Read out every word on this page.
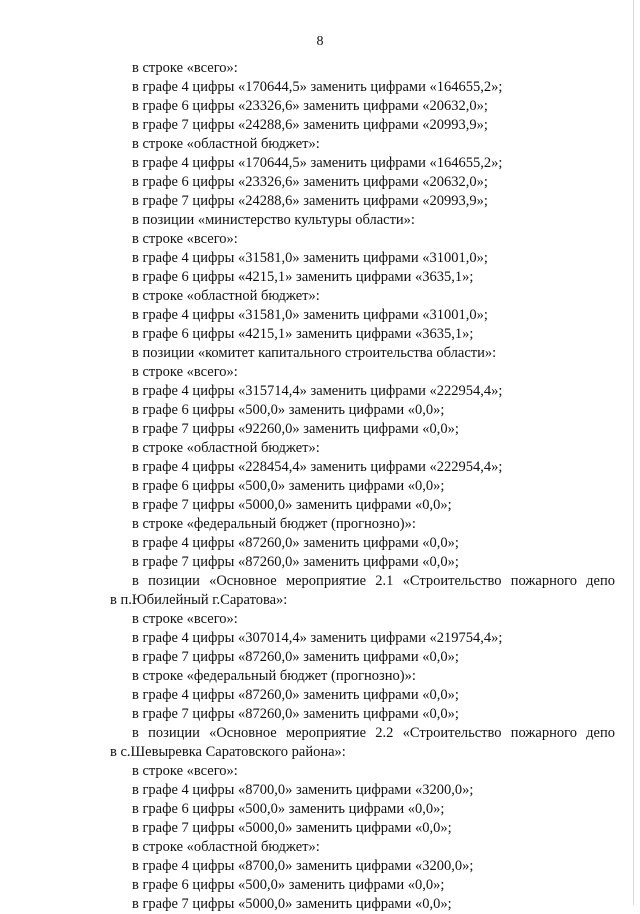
8
в строке «всего»:
в графе 4 цифры «170644,5» заменить цифрами «164655,2»;
в графе 6 цифры «23326,6» заменить цифрами «20632,0»;
в графе 7 цифры «24288,6» заменить цифрами «20993,9»;
в строке «областной бюджет»:
в графе 4 цифры «170644,5» заменить цифрами «164655,2»;
в графе 6 цифры «23326,6» заменить цифрами «20632,0»;
в графе 7 цифры «24288,6» заменить цифрами «20993,9»;
в позиции «министерство культуры области»:
в строке «всего»:
в графе 4 цифры «31581,0» заменить цифрами «31001,0»;
в графе 6 цифры «4215,1» заменить цифрами «3635,1»;
в строке «областной бюджет»:
в графе 4 цифры «31581,0» заменить цифрами «31001,0»;
в графе 6 цифры «4215,1» заменить цифрами «3635,1»;
в позиции «комитет капитального строительства области»:
в строке «всего»:
в графе 4 цифры «315714,4» заменить цифрами «222954,4»;
в графе 6 цифры «500,0» заменить цифрами «0,0»;
в графе 7 цифры «92260,0» заменить цифрами «0,0»;
в строке «областной бюджет»:
в графе 4 цифры «228454,4» заменить цифрами «222954,4»;
в графе 6 цифры «500,0» заменить цифрами «0,0»;
в графе 7 цифры «5000,0» заменить цифрами «0,0»;
в строке «федеральный бюджет (прогнозно)»:
в графе 4 цифры «87260,0» заменить цифрами «0,0»;
в графе 7 цифры «87260,0» заменить цифрами «0,0»;
в позиции «Основное мероприятие 2.1 «Строительство пожарного депо
в п.Юбилейный г.Саратова»:
в строке «всего»:
в графе 4 цифры «307014,4» заменить цифрами «219754,4»;
в графе 7 цифры «87260,0» заменить цифрами «0,0»;
в строке «федеральный бюджет (прогнозно)»:
в графе 4 цифры «87260,0» заменить цифрами «0,0»;
в графе 7 цифры «87260,0» заменить цифрами «0,0»;
в позиции «Основное мероприятие 2.2 «Строительство пожарного депо
в с.Шевыревка Саратовского района»:
в строке «всего»:
в графе 4 цифры «8700,0» заменить цифрами «3200,0»;
в графе 6 цифры «500,0» заменить цифрами «0,0»;
в графе 7 цифры «5000,0» заменить цифрами «0,0»;
в строке «областной бюджет»:
в графе 4 цифры «8700,0» заменить цифрами «3200,0»;
в графе 6 цифры «500,0» заменить цифрами «0,0»;
в графе 7 цифры «5000,0» заменить цифрами «0,0»;
